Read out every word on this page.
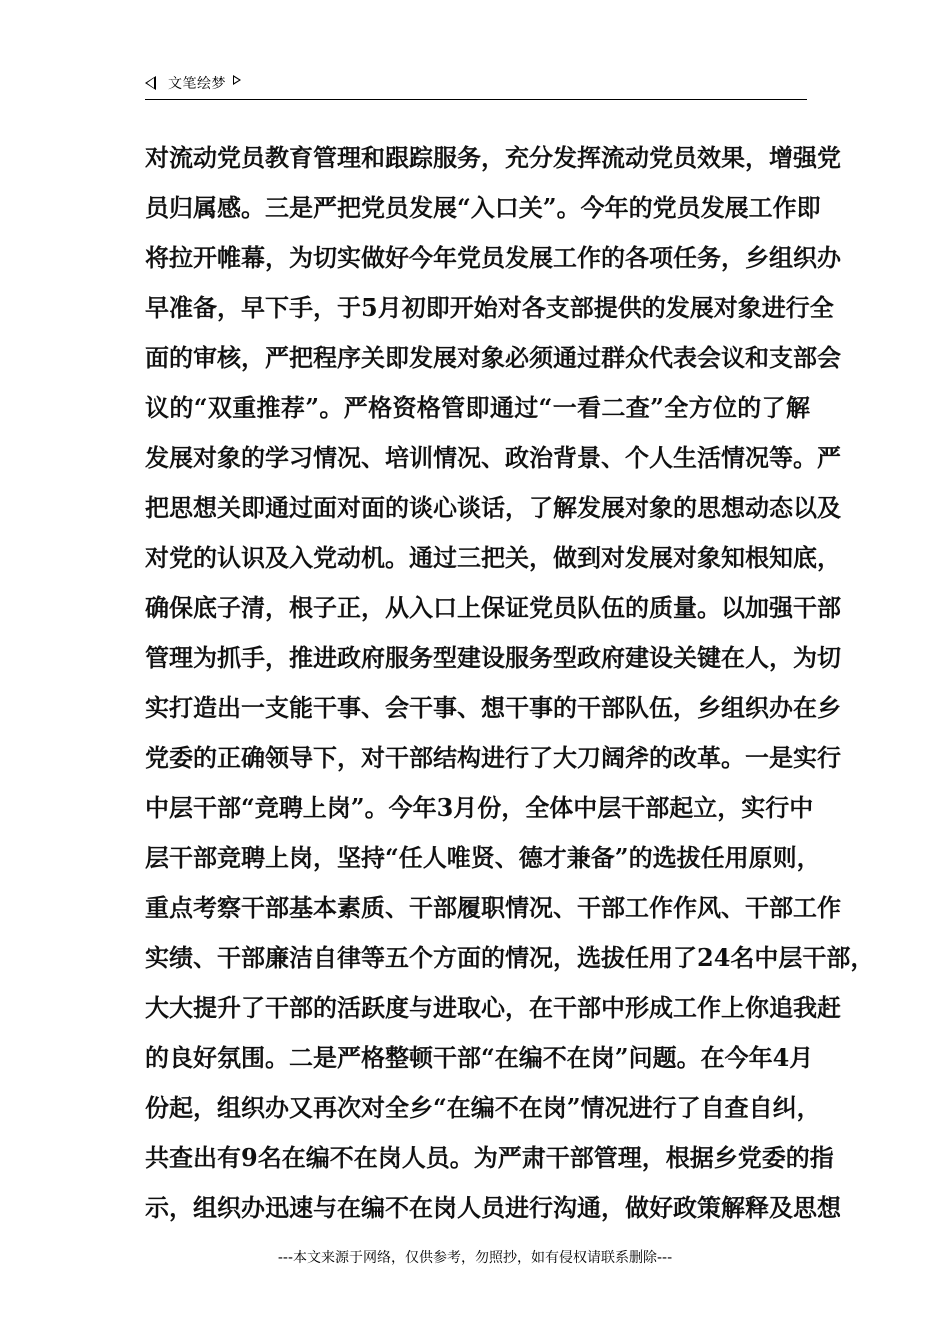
文笔绘梦
对流动党员教育管理和跟踪服务，充分发挥流动党员效果，增强党
员归属感。三是严把党员发展“入口关”。今年的党员发展工作即
将拉开帷幕，为切实做好今年党员发展工作的各项任务，乡组织办
早准备，早下手，于5月初即开始对各支部提供的发展对象进行全
面的审核，严把程序关即发展对象必须通过群众代表会议和支部会
议的“双重推荐”。严格资格管即通过“一看二查”全方位的了解
发展对象的学习情况、培训情况、政治背景、个人生活情况等。严
把思想关即通过面对面的谈心谈话，了解发展对象的思想动态以及
对党的认识及入党动机。通过三把关，做到对发展对象知根知底，
确保底子清，根子正，从入口上保证党员队伍的质量。以加强干部
管理为抓手，推进政府服务型建设服务型政府建设关键在人，为切
实打造出一支能干事、会干事、想干事的干部队伍，乡组织办在乡
党委的正确领导下，对干部结构进行了大刀阔斧的改革。一是实行
中层干部“竞聘上岗”。今年3月份，全体中层干部起立，实行中
层干部竞聘上岗，坚持“任人唯贤、德才兼备”的选拔任用原则，
重点考察干部基本素质、干部履职情况、干部工作作风、干部工作
实绩、干部廉洁自律等五个方面的情况，选拔任用了24名中层干部，
大大提升了干部的活跃度与进取心，在干部中形成工作上你追我赶
的良好氛围。二是严格整顿干部“在编不在岗”问题。在今年4月
份起，组织办又再次对全乡“在编不在岗”情况进行了自查自纠，
共查出有9名在编不在岗人员。为严肃干部管理，根据乡党委的指
示，组织办迅速与在编不在岗人员进行沟通，做好政策解释及思想
---本文来源于网络，仅供参考，勿照抄，如有侵权请联系删除---
